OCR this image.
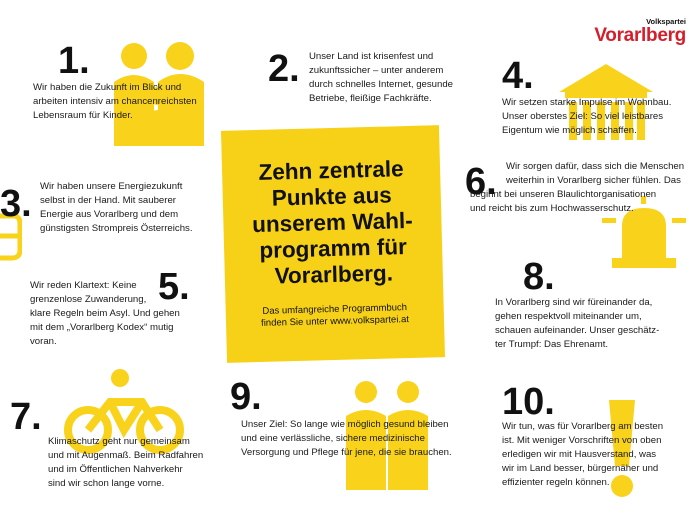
Volkspartei
Vorarlberg
Zehn zentrale
Punkte aus
unserem Wahl-
programm für
Vorarlberg.
Das umfangreiche Programmbuch
finden Sie unter www.volkspartei.at
1.
Wir haben die Zukunft im Blick und
arbeiten intensiv am chancenreichsten
Lebensraum für Kinder.
2. Unser Land ist krisenfest und
zukunftssicher – unter anderem
durch schnelles Internet, gesunde
Betriebe, fleißige Fachkräfte.
3. Wir haben unsere Energiezukunft
selbst in der Hand. Mit sauberer
Energie aus Vorarlberg und dem
günstigsten Strompreis Österreichs.
4.
Wir setzen starke Impulse im Wohnbau.
Unser oberstes Ziel: So viel leistbares
Eigentum wie möglich schaffen.
5.
Wir reden Klartext: Keine
grenzenlose Zuwanderung,
klare Regeln beim Asyl. Und gehen
mit dem „Vorarlberg Kodex“ mutig
voran.
6. Wir sorgen dafür, dass sich die Menschen
weiterhin in Vorarlberg sicher fühlen. Das
beginnt bei unseren Blaulichtorganisationen
und reicht bis zum Hochwasserschutz.
7.
Klimaschutz geht nur gemeinsam
und mit Augenmaß. Beim Radfahren
und im Öffentlichen Nahverkehr
sind wir schon lange vorne.
8.
In Vorarlberg sind wir füreinander da,
gehen respektvoll miteinander um,
schauen aufeinander. Unser geschätz-
ter Trumpf: Das Ehrenamt.
9.
Unser Ziel: So lange wie möglich gesund bleiben
und eine verlässliche, sichere medizinische
Versorgung und Pflege für jene, die sie brauchen.
10.
Wir tun, was für Vorarlberg am besten
ist. Mit weniger Vorschriften von oben
erledigen wir mit Hausverstand, was
wir im Land besser, bürgernäher und
effizienter regeln können.
